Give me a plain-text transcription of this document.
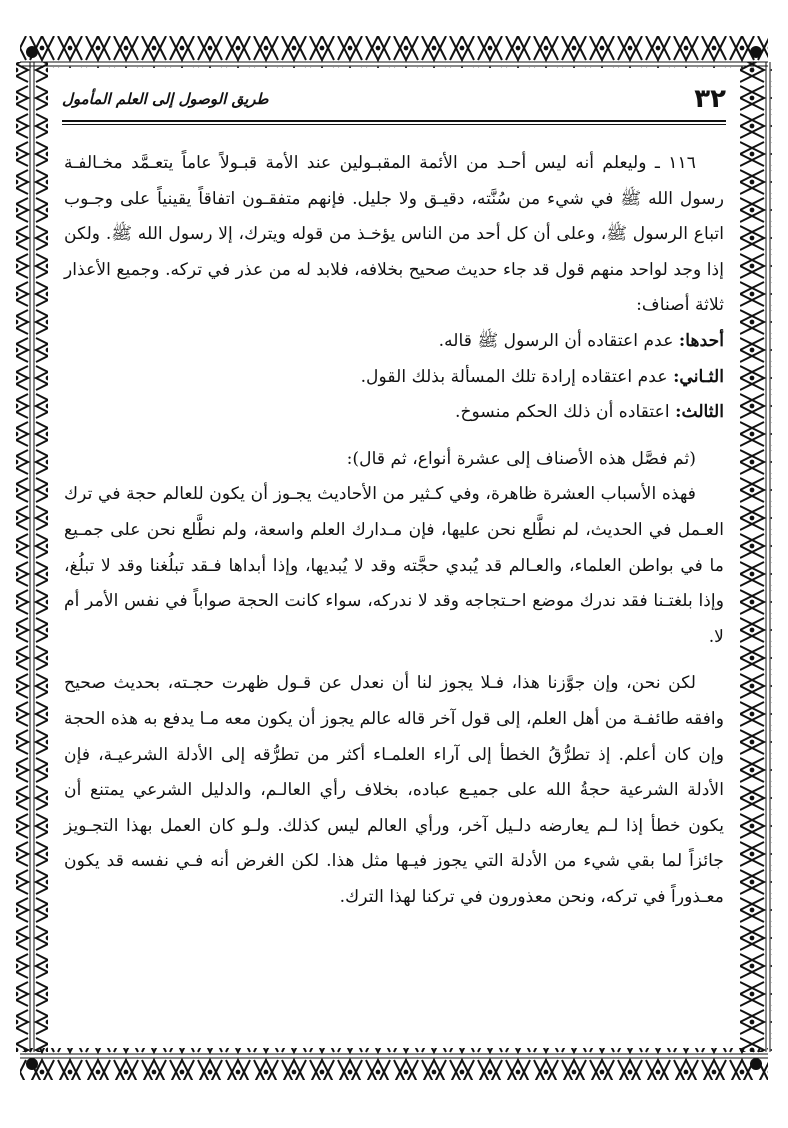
٣٢
طريق الوصول إلى العلم المأمول

١١٦ ـ وليعلم أنه ليس أحـد من الأئمة المقبـولين عند الأمة قبـولاً عاماً يتعـمَّد مخـالفـة رسول الله ﷺ في شيء من سُنَّته، دقيـق ولا جليل. فإنهم متفقـون اتفاقاً يقينياً على وجـوب اتباع الرسول ﷺ، وعلى أن كل أحد من الناس يؤخـذ من قوله ويترك، إلا رسول الله ﷺ. ولكن إذا وجد لواحد منهم قول قد جاء حديث صحيح بخلافه، فلابد له من عذر في تركه. وجميع الأعذار ثلاثة أصناف:

أحدها: عدم اعتقاده أن الرسول ﷺ قاله.

الثـاني: عدم اعتقاده إرادة تلك المسألة بذلك القول.

الثالث: اعتقاده أن ذلك الحكم منسوخ.

(ثم فصَّل هذه الأصناف إلى عشرة أنواع، ثم قال):

فهذه الأسباب العشرة ظاهرة، وفي كـثير من الأحاديث يجـوز أن يكون للعالم حجة في ترك العـمل في الحديث، لم نطَّلع نحن عليها، فإن مـدارك العلم واسعة، ولم نطَّلع نحن على جمـيع ما في بواطن العلماء، والعـالم قد يُبدي حجَّته وقد لا يُبديها، وإذا أبداها فـقد تبلُغنا وقد لا تبلُغ، وإذا بلغتـنا فقد ندرك موضع احـتجاجه وقد لا ندركه، سواء كانت الحجة صواباً في نفس الأمر أم لا.

لكن نحن، وإن جوَّزنا هذا، فـلا يجوز لنا أن نعدل عن قـول ظهرت حجـته، بحديث صحيح وافقه طائفـة من أهل العلم، إلى قول آخر قاله عالم يجوز أن يكون معه مـا يدفع به هذه الحجة وإن كان أعلم. إذ تطرُّقُ الخطأ إلى آراء العلمـاء أكثر من تطرُّقه إلى الأدلة الشرعيـة، فإن الأدلة الشرعية حجةُ الله على جميـع عباده، بخلاف رأي العالـم، والدليل الشرعي يمتنع أن يكون خطأ إذا لـم يعارضه دلـيل آخر، ورأي العالم ليس كذلك. ولـو كان العمل بهذا التجـويز جائزاً لما بقي شيء من الأدلة التي يجوز فيـها مثل هذا. لكن الغرض أنه فـي نفسه قد يكون معـذوراً في تركه، ونحن معذورون في تركنا لهذا الترك.
